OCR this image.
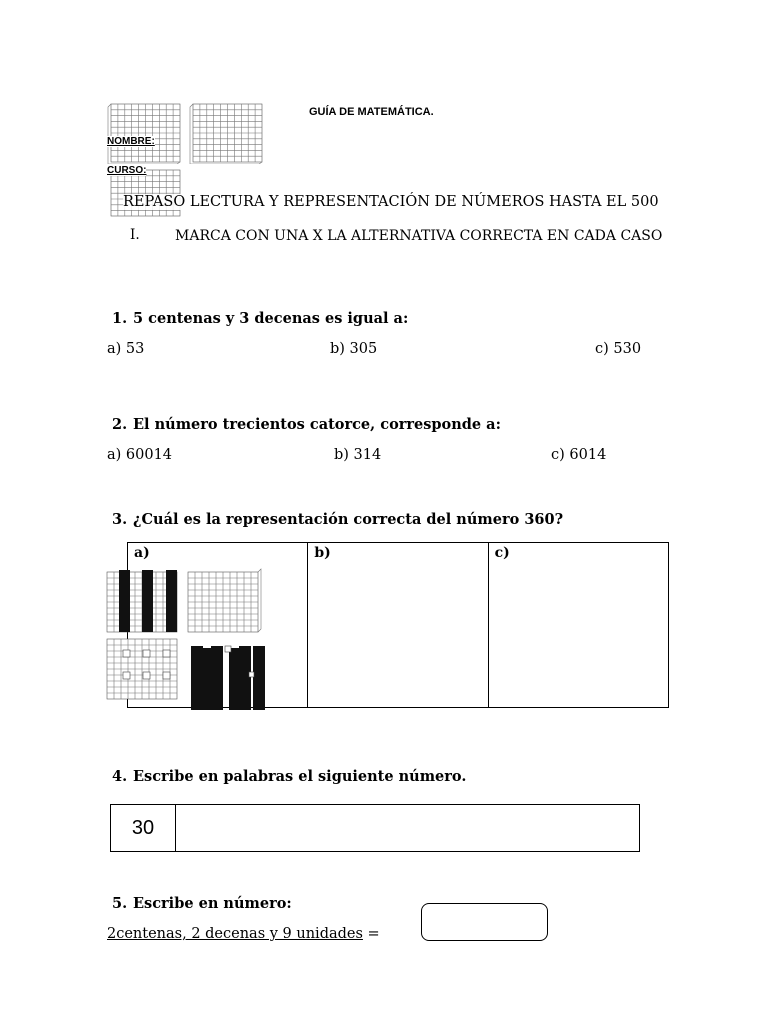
GUÍA DE MATEMÁTICA.
NOMBRE:
CURSO:
REPASO LECTURA Y REPRESENTACIÓN DE NÚMEROS HASTA EL 500
I.	MARCA CON UNA X LA ALTERNATIVA CORRECTA EN CADA CASO
1. 5 centenas y 3 decenas es igual a:
a) 53	b) 305	c) 530
2. El número trecientos catorce, corresponde a:
a) 60014	b) 314	c) 6014
3. ¿Cuál es la representación correcta del número 360?
a)	b)	c)
4. Escribe en palabras el siguiente número.
30
5. Escribe en número:
2centenas, 2 decenas y 9 unidades =
